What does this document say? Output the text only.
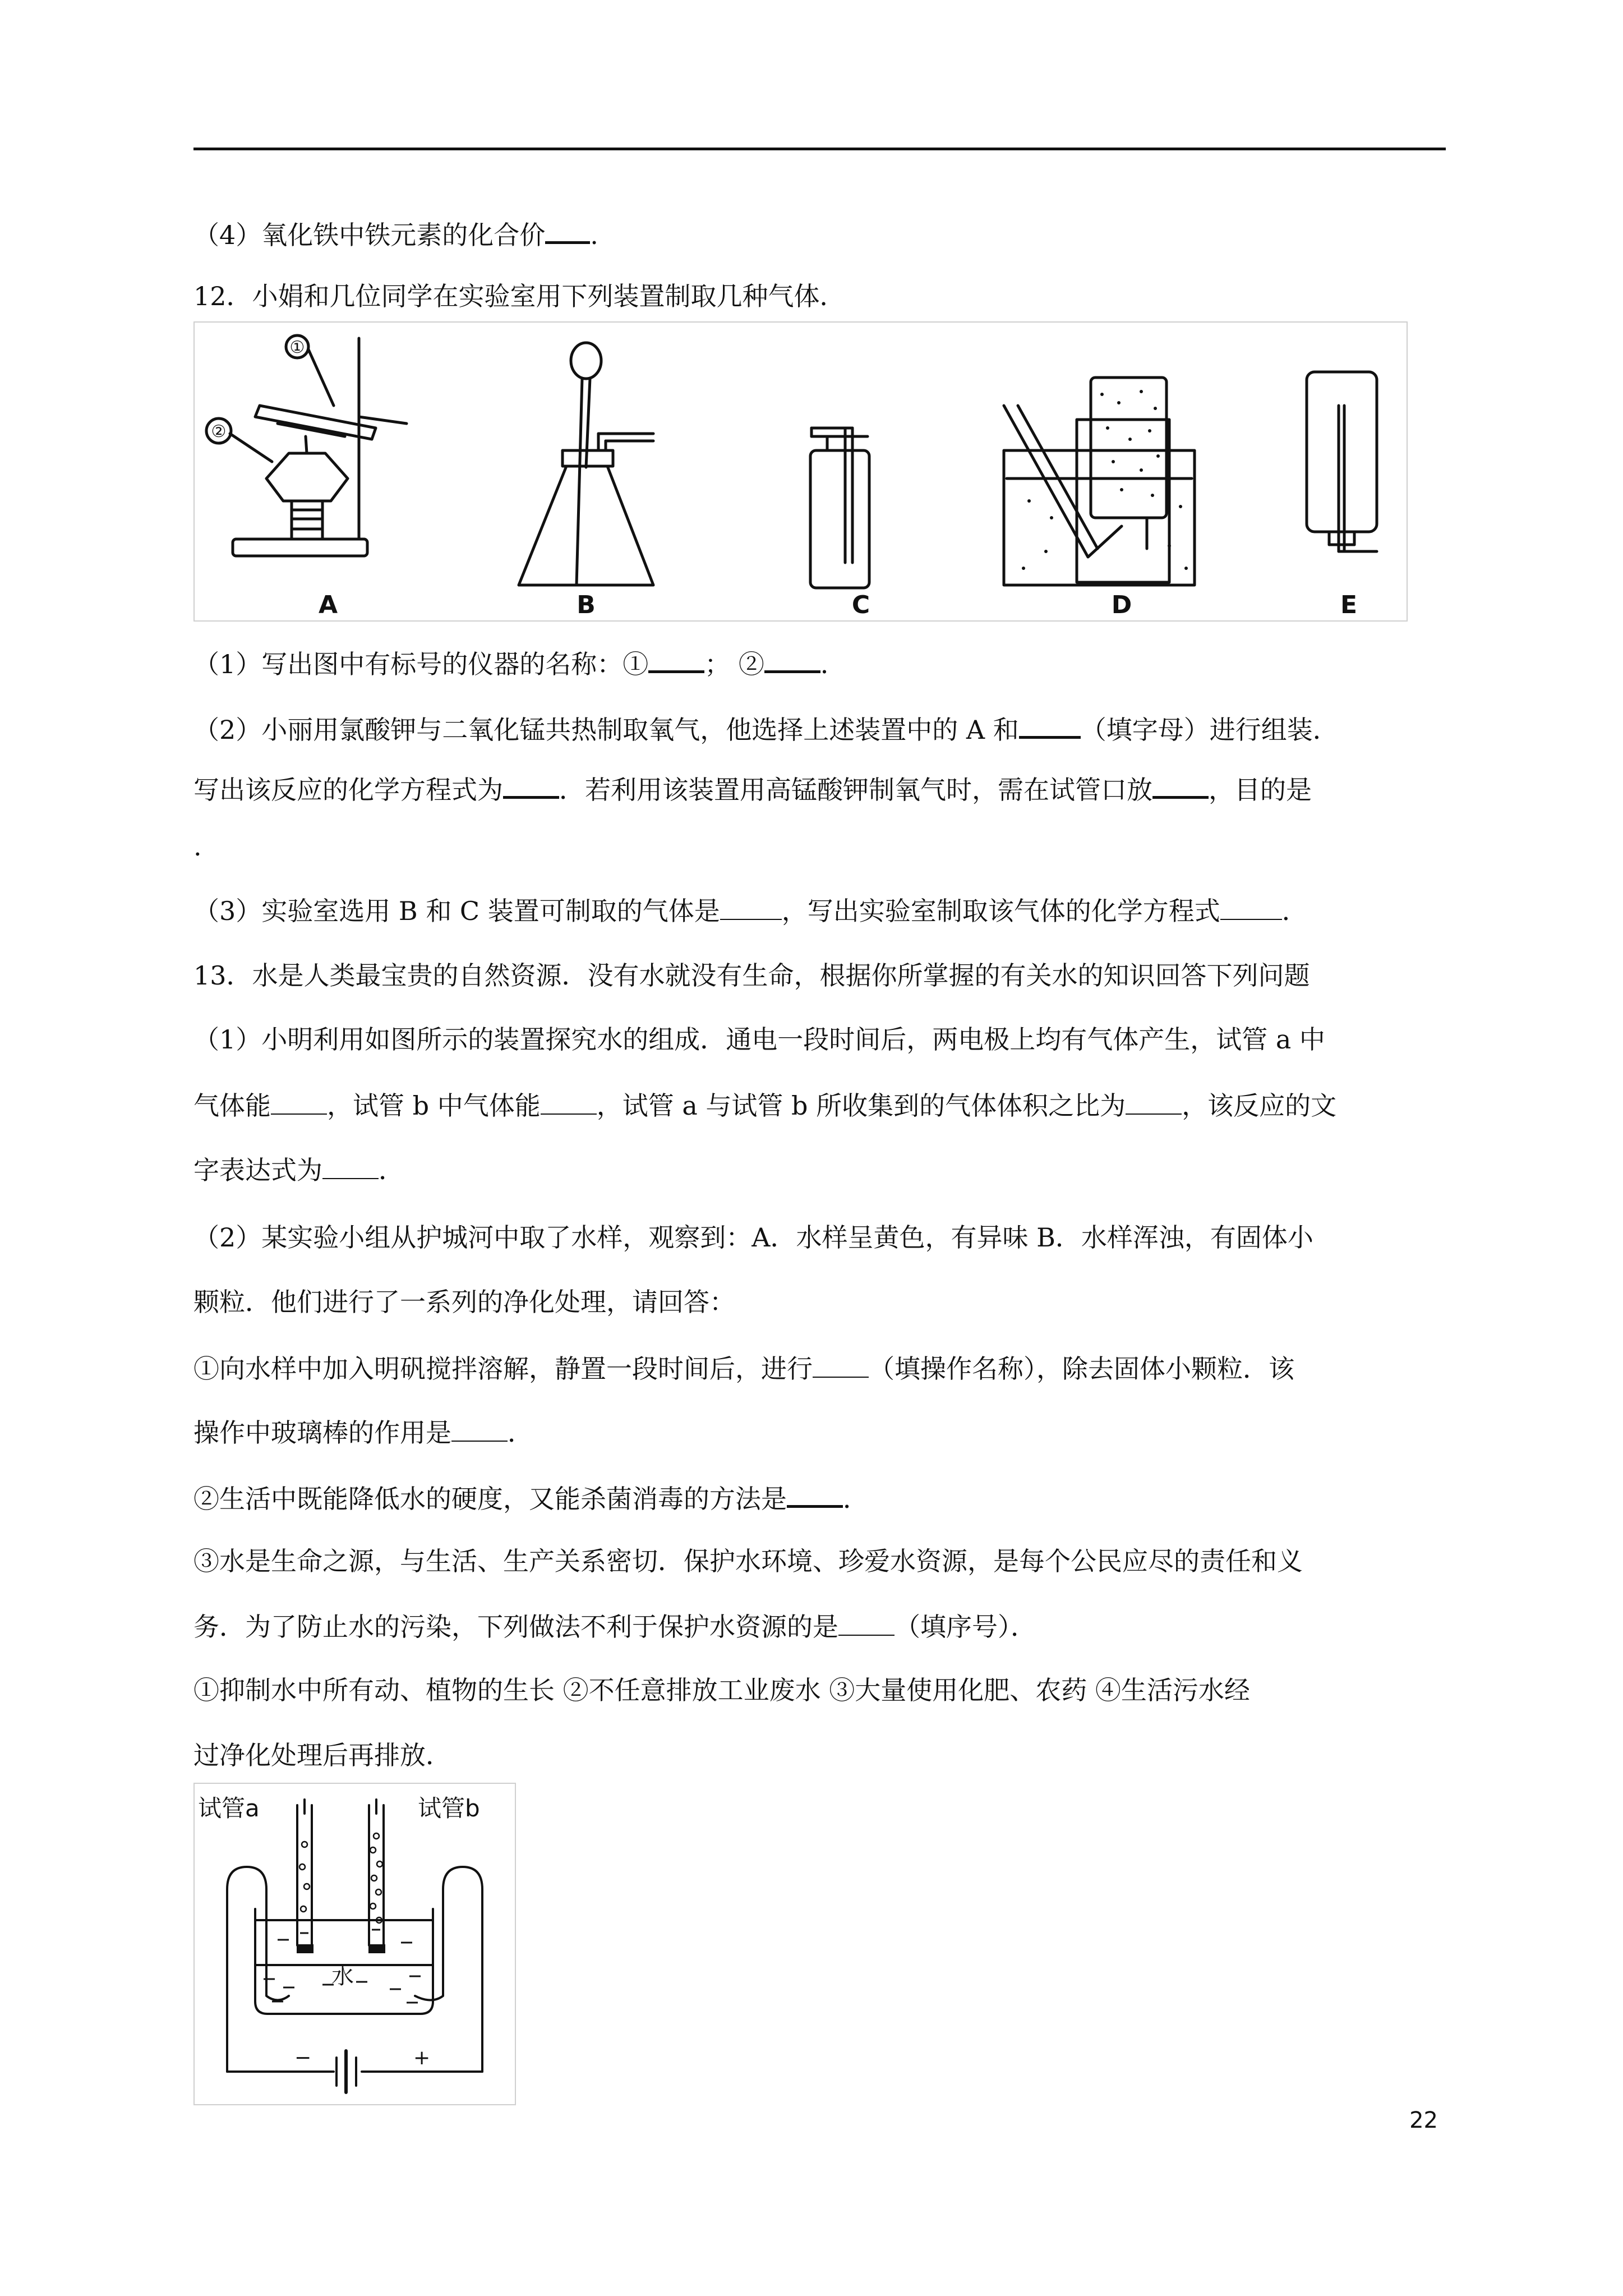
（4）氧化铁中铁元素的化合价 .
12．小娟和几位同学在实验室用下列装置制取几种气体．
①
②
A	B	C	D	E
（1）写出图中有标号的仪器的名称：① ； ② ．
（2）小丽用氯酸钾与二氧化锰共热制取氧气，他选择上述装置中的 A 和 （填字母）进行组装．
写出该反应的化学方程式为 ．若利用该装置用高锰酸钾制氧气时，需在试管口放 ，目的是
.
（3）实验室选用 B 和 C 装置可制取的气体是 ，写出实验室制取该气体的化学方程式 ．
13．水是人类最宝贵的自然资源．没有水就没有生命，根据你所掌握的有关水的知识回答下列问题
（1）小明利用如图所示的装置探究水的组成．通电一段时间后，两电极上均有气体产生，试管 a 中
气体能 ，试管 b 中气体能 ，试管 a 与试管 b 所收集到的气体体积之比为 ，该反应的文
字表达式为 ．
（2）某实验小组从护城河中取了水样，观察到：A．水样呈黄色，有异味 B．水样浑浊，有固体小
颗粒．他们进行了一系列的净化处理，请回答：
①向水样中加入明矾搅拌溶解，静置一段时间后，进行 （填操作名称），除去固体小颗粒．该
操作中玻璃棒的作用是 ．
②生活中既能降低水的硬度，又能杀菌消毒的方法是 ．
③水是生命之源，与生活、生产关系密切．保护水环境、珍爱水资源，是每个公民应尽的责任和义
务．为了防止水的污染，下列做法不利于保护水资源的是 （填序号）．
①抑制水中所有动、植物的生长 ②不任意排放工业废水 ③大量使用化肥、农药 ④生活污水经
过净化处理后再排放．
试管a	试管b
水
−	+
22
